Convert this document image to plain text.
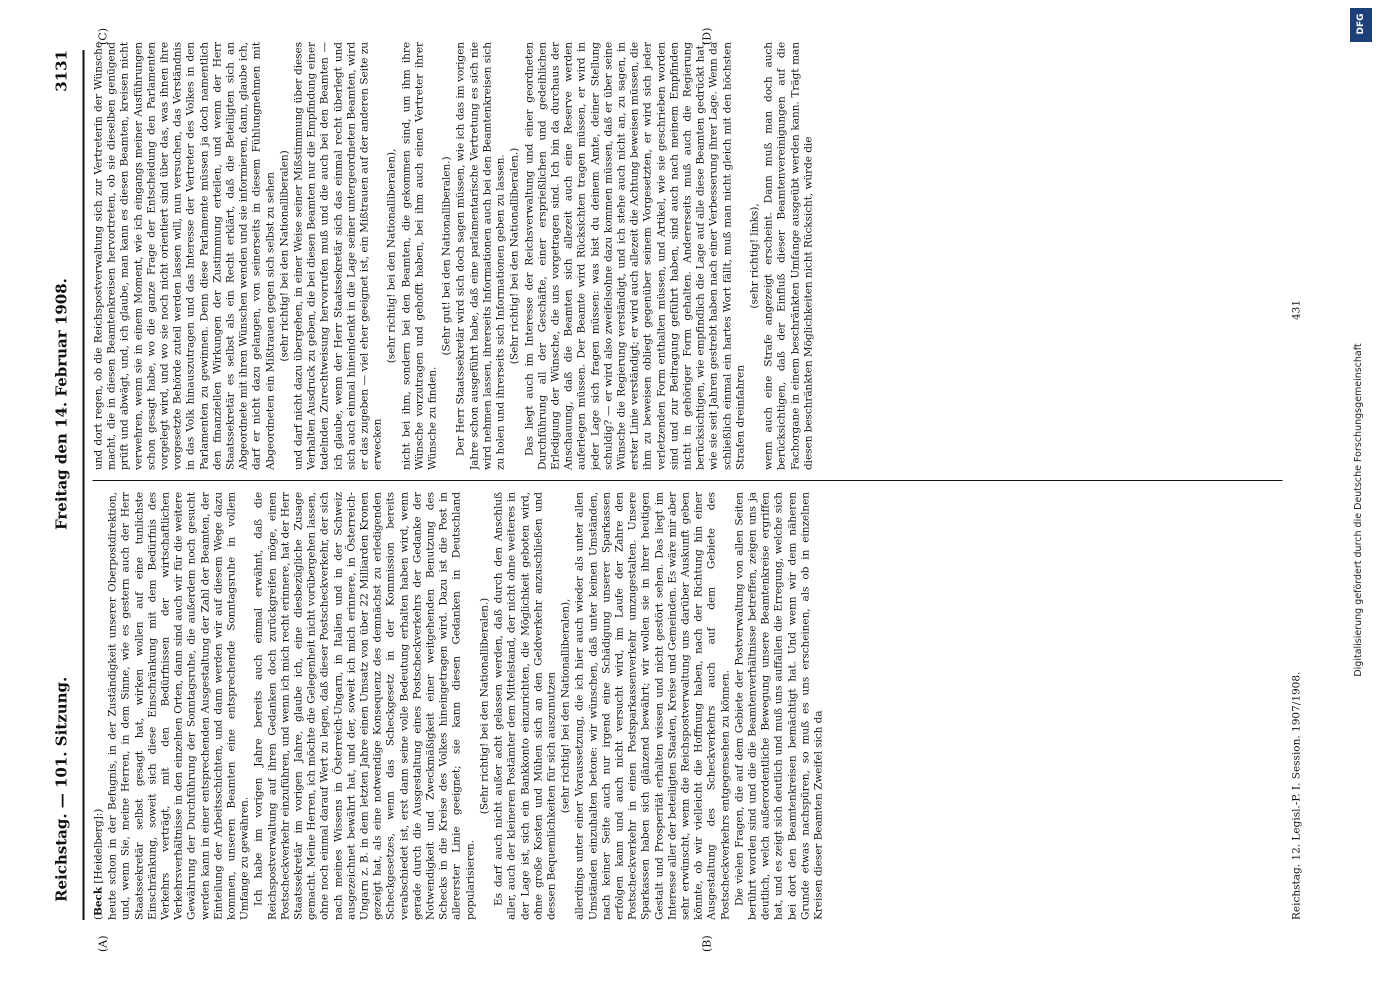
Reichstag. — 101. Sitzung.
Freitag den 14. Februar 1908.
3131
(A)	(B)
(C)	(D)

(Beck [Heidelberg]:) heute schon in der Befugnis, in der Zuständigkeit unserer Oberpostdirektion, und, wenn Sie, meine Herren, in dem Sinne, wie es gestern auch der Herr Staatssekretär selbst gesagt hat, wirken wollen auf eine tunlichste Einschränkung, soweit sich diese Einschränkung mit dem Bedürfnis des Verkehrs verträgt, mit den Bedürfnissen der wirtschaftlichen Verkehrsverhältnisse in den einzelnen Orten, dann sind auch wir für die weitere Gewährung der Durchführung der Sonntagsruhe, die außerdem noch gesucht werden kann in einer entsprechenden Ausgestaltung der Zahl der Beamten, der Einteilung der Arbeitsschichten, und dann werden wir auf diesem Wege dazu kommen, unseren Beamten eine entsprechende Sonntagsruhe in vollem Umfange zu gewähren. Ich habe im vorigen Jahre bereits auch einmal erwähnt, daß die Reichspostverwaltung auf ihren Gedanken doch zurückgreifen möge, einen Postscheckverkehr einzuführen, und wenn ich mich recht erinnere, hat der Herr Staatssekretär im vorigen Jahre, glaube ich, eine diesbezügliche Zusage gemacht. Meine Herren, ich möchte die Gelegenheit nicht vorübergehen lassen, ohne noch einmal darauf Wert zu legen, daß dieser Postscheckverkehr, der sich nach meines Wissens in Österreich-Ungarn, in Italien und in der Schweiz ausgezeichnet bewährt hat, und der, soweit ich mich erinnere, in Österreich-Ungarn z. B. in dem letzten Jahre einen Umsatz von über 22 Milliarden Kronen gezeigt hat, als eine notwendige Konsequenz des demnächst zu erledigenden Scheckgesetzes, wenn das Scheckgesetz in der Kommission bereits verabschiedet ist, erst dann seine volle Bedeutung erhalten haben wird, wenn gerade durch die Ausgestaltung eines Postscheckverkehrs der Gedanke der Notwendigkeit und Zweckmäßigkeit einer weitgehenden Benutzung des Schecks in die Kreise des Volkes hineingetragen wird. Dazu ist die Post in allererster Linie geeignet; sie kann diesen Gedanken in Deutschland popularisieren.

(Sehr richtig! bei den Nationalliberalen.) Es darf auch nicht außer acht gelassen werden, daß durch den Anschluß aller, auch der kleineren Postämter dem Mittelstand, der nicht ohne weiteres in der Lage ist, sich ein Bankkonto einzurichten, die Möglichkeit geboten wird, ohne große Kosten und Mühen sich an den Geldverkehr anzuschließen und dessen Bequemlichkeiten für sich auszunutzen (sehr richtig! bei den Nationalliberalen), allerdings unter einer Voraussetzung, die ich hier auch wieder als unter allen Umständen einzuhalten betone: wir wünschen, daß unter keinen Umständen, nach keiner Seite auch nur irgend eine Schädigung unserer Sparkassen erfolgen kann und auch nicht versucht wird, im Laufe der Zahre den Postscheckverkehr in einen Postsparkassenverkehr umzugestalten. Unsere Sparkassen haben sich glänzend bewährt; wir wollen sie in ihrer heutigen Gestalt und Prosperität erhalten wissen und nicht gestört sehen. Das liegt im Interesse aller der beteiligten Staaten, Kreise und Gemeinden. Es wäre mir aber sehr erwünscht, wenn die Reichspostverwaltung uns darüber Auskunft geben könnte, ob wir vielleicht die Hoffnung haben, nach der Richtung hin einer Ausgestaltung des Scheckverkehrs auch auf dem Gebiete des Postscheckverkehrs entgegensehen zu können. Die vielen Fragen, die auf dem Gebiete der Postverwaltung von allen Seiten berührt worden sind und die die Beamtenverhältnisse betreffen, zeigen uns ja deutlich, welch außerordentliche Bewegung unsere Beamtenkreise ergriffen hat, und es zeigt sich deutlich und muß uns auffallen die Erregung, welche sich bei dort den Beamtenkreisen bemächtigt hat. Und wenn wir dem näheren Grunde etwas nachspüren, so muß es uns erscheinen, als ob in einzelnen Kreisen dieser Beamten Zweifel sich da

und dort regen, ob die Reichspostverwaltung sich zur Vertreterin der Wünsche macht, die in diesen Beamtenkreisen hervortreten, ob sie dieselben genügend prüft und abwägt, und, ich glaube, man kann es diesen Beamten, kreisen nicht verwehren, wenn sie in einem Moment, wie ich eingangs meiner Ausführungen schon gesagt habe, wo die ganze Frage der Entscheidung den Parlamenten vorgelegt wird, und wo sie noch nicht orientiert sind über das, was ihnen ihre vorgesetzte Behörde zuteil werden lassen will, nun versuchen, das Verständnis in das Volk hinauszutragen und das Interesse der Vertreter des Volkes in den Parlamenten zu gewinnen. Denn diese Parlamente müssen ja doch namentlich den finanziellen Wirkungen der Zustimmung erteilen, und wenn der Herr Staatssekretär es selbst als ein Recht erklärt, daß die Beteiligten sich an Abgeordnete mit ihren Wünschen wenden und sie informieren, dann, glaube ich, darf er nicht dazu gelangen, von seinerseits in diesem Fühlungnehmen mit Abgeordneten ein Mißtrauen gegen sich selbst zu sehen (sehr richtig! bei den Nationalliberalen) und darf nicht dazu übergehen, in einer Weise seiner Mißstimmung über dieses Verhalten Ausdruck zu geben, die bei diesen Beamten nur die Empfindung einer tadelnden Zurechtweisung hervorrufen muß und die auch bei den Beamten — ich glaube, wenn der Herr Staatssekretär sich das einmal recht überlegt und sich auch einmal hineindenkt in die Lage seiner untergeordneten Beamten, wird er das zugeben — viel eher geeignet ist, ein Mißtrauen auf der anderen Seite zu erwecken

(sehr richtig! bei den Nationalliberalen), nicht bei ihm, sondern bei den Beamten, die gekommen sind, um ihm ihre Wünsche vorzutragen und gehofft haben, bei ihm auch einen Vertreter ihrer Wünsche zu finden.

(Sehr gut! bei den Nationalliberalen.) Der Herr Staatssekretär wird sich doch sagen müssen, wie ich das im vorigen Jahre schon ausgeführt habe, daß eine parlamentarische Vertretung es sich nie wird nehmen lassen, ihrerseits Informationen auch bei den Beamtenkreisen sich zu holen und ihrerseits sich Informationen geben zu lassen. (Sehr richtig! bei den Nationalliberalen.) Das liegt auch im Interesse der Reichsverwaltung und einer geordneten Durchführung all der Geschäfte, einer ersprießlichen und gedeihlichen Erledigung der Wünsche, die uns vorgetragen sind. Ich bin da durchaus der Anschauung, daß die Beamten sich allezeit auch eine Reserve werden auferlegen müssen. Der Beamte wird Rücksichten tragen müssen, er wird in jeder Lage sich fragen müssen: was bist du deinem Amte, deiner Stellung schuldig? — er wird also zweifelsohne dazu kommen müssen, daß er über seine Wünsche die Regierung verständigt, und ich stehe auch nicht an, zu sagen, in erster Linie verständigt; er wird auch allezeit die Achtung beweisen müssen, die ihm zu beweisen obliegt gegenüber seinem Vorgesetzten, er wird sich jeder verletzenden Form enthalten müssen, und Artikel, wie sie geschrieben worden sind und zur Beitragung geführt haben, sind auch nach meinem Empfinden nicht in gehöriger Form gehalten. Andererseits muß auch die Regierung berücksichtigen, wie empfindlich die Lage auf alle diese Beamten gedrückt hat, wie sie seit Jahren gestrebt haben nach einer Verbesserung ihrer Lage. Wenn da schließlich einmal ein hartes Wort fällt, muß man nicht gleich mit den höchsten Strafen dreinfahren

(sehr richtig! links), wenn auch eine Strafe angezeigt erscheint. Dann muß man doch auch berücksichtigen, daß der Einfluß dieser Beamtenvereinigungen auf die Fachorgane in einem beschränkten Umfange ausgeübt werden kann. Trägt man diesen beschränkten Möglichkeiten nicht Rücksicht, würde die

Reichstag. 12. Legisl.-P. I. Session. 1907/1908.
431
Digitalisierung gefördert durch die Deutsche Forschungsgemeinschaft
DFG
